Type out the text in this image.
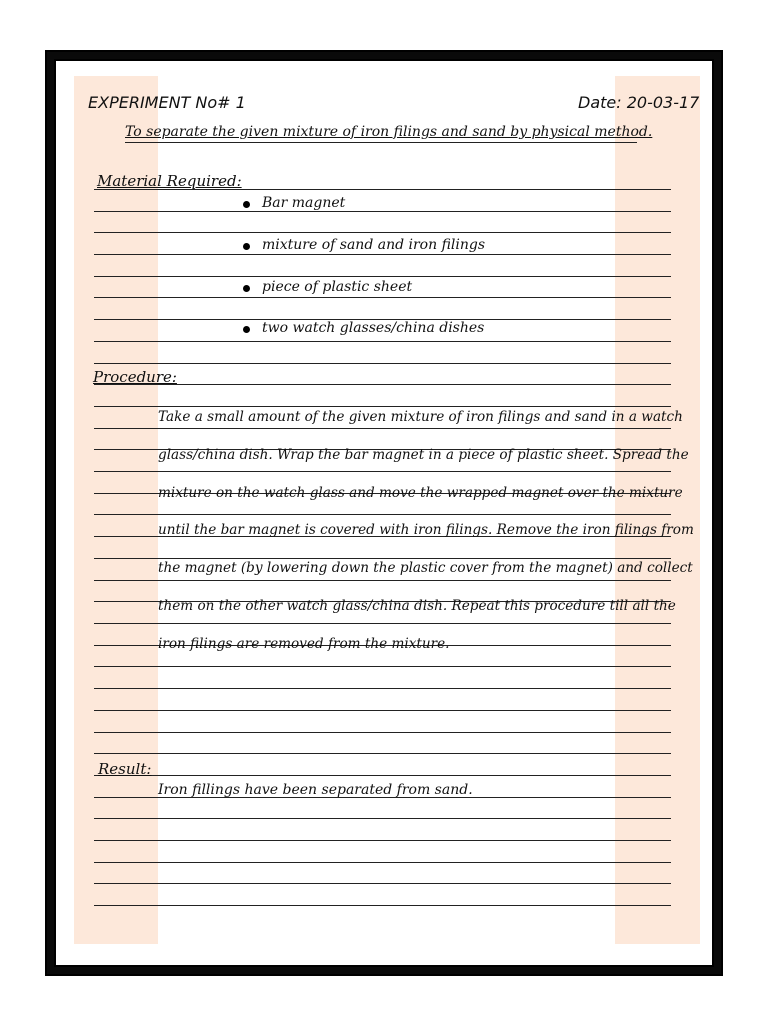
EXPERIMENT No# 1	Date: 20-03-17
To separate the given mixture of iron filings and sand by physical method.
Material Required:
Bar magnet
mixture of sand and iron filings
piece of plastic sheet
two watch glasses/china dishes
Procedure:
Take a small amount of the given mixture of iron filings and sand in a watch
glass/china dish. Wrap the bar magnet in a piece of plastic sheet. Spread the
mixture on the watch glass and move the wrapped magnet over the mixture
until the bar magnet is covered with iron filings. Remove the iron filings from
the magnet (by lowering down the plastic cover from the magnet) and collect
them on the other watch glass/china dish. Repeat this procedure till all the
iron filings are removed from the mixture.
Result:
Iron fillings have been separated from sand.
